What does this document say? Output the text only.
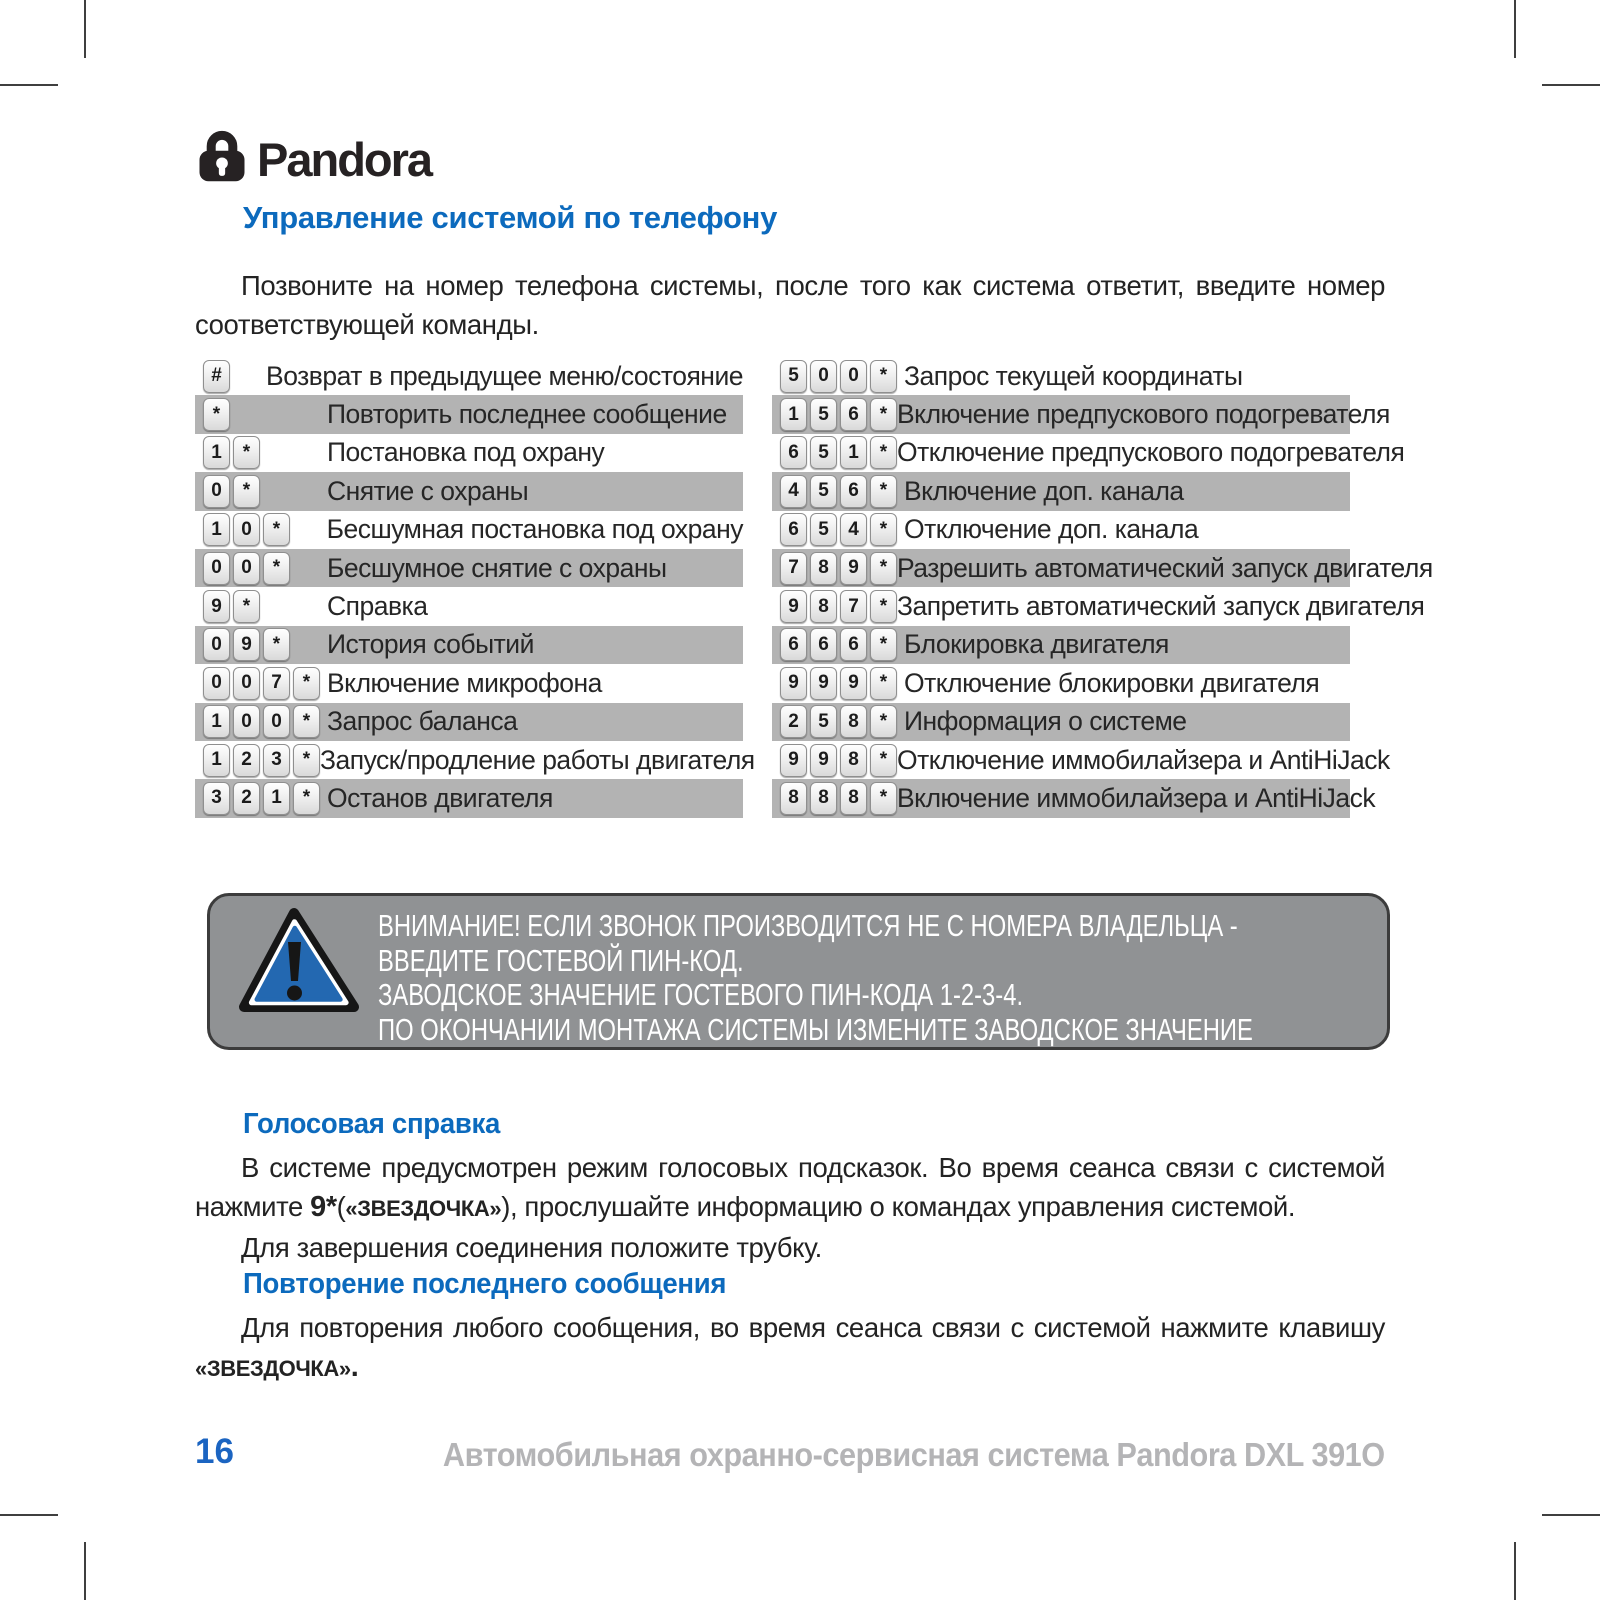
Pandora
Управление системой по телефону

Позвоните на номер телефона системы, после того как система ответит, введите номер соответствующей команды.

#	Возврат в предыдущее меню/состояние
*	Повторить последнее сообщение
1	*	Постановка под охрану
0	*	Снятие с охраны
1	0	*	Бесшумная постановка под охрану
0	0	*	Бесшумное снятие с охраны
9	*	Справка
0	9	*	История событий
0	0	7	* Включение микрофона
1	0	0	* Запрос баланса
1	2	3	* Запуск/продление работы двигателя
3	2	1	* Останов двигателя
5	0	0	* Запрос текущей координаты
1	5	6	* Включение предпускового подогревателя
6	5	1	* Отключение предпускового подогревателя
4	5	6	* Включение доп. канала
6	5	4	* Отключение доп. канала
7	8	9	* Разрешить автоматический запуск двигателя
9	8	7	* Запретить автоматический запуск двигателя
6	6	6	* Блокировка двигателя
9	9	9	* Отключение блокировки двигателя
2	5	8	* Информация о системе
9	9	8	* Отключение иммобилайзера и AntiHiJack
8	8	8	* Включение иммобилайзера и AntiHiJack
ВНИМАНИЕ! ЕСЛИ ЗВОНОК ПРОИЗВОДИТСЯ НЕ С НОМЕРА ВЛАДЕЛЬЦА -
ВВЕДИТЕ ГОСТЕВОЙ ПИН-КОД.
ЗАВОДСКОЕ ЗНАЧЕНИЕ ГОСТЕВОГО ПИН-КОДА 1-2-3-4.
ПО ОКОНЧАНИИ МОНТАЖА СИСТЕМЫ ИЗМЕНИТЕ ЗАВОДСКОЕ ЗНАЧЕНИЕ
Голосовая справка

В системе предусмотрен режим голосовых подсказок. Во время сеанса связи с системой нажмите 9*(«ЗВЕЗДОЧКА»), прослушайте информацию о командах управления системой.

Для завершения соединения положите трубку.

Повторение последнего сообщения

Для повторения любого сообщения, во время сеанса связи с системой нажмите клавишу «ЗВЕЗДОЧКА».

16	Автомобильная охранно-сервисная система Pandora DXL 391O
